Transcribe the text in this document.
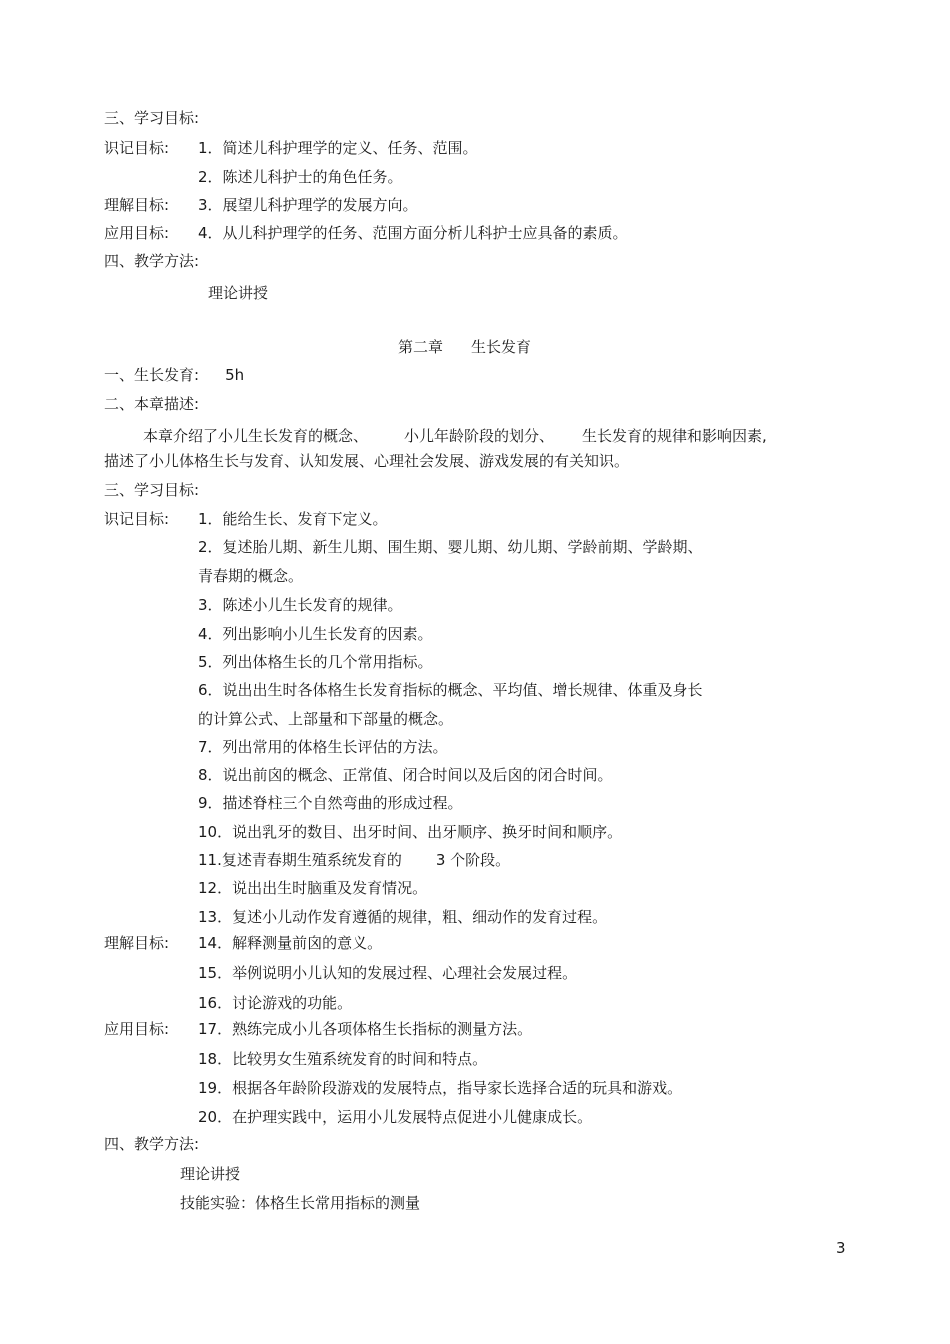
三、学习目标:
识记目标: 1．简述儿科护理学的定义、任务、范围。
2．陈述儿科护士的角色任务。
理解目标: 3．展望儿科护理学的发展方向。
应用目标: 4．从儿科护理学的任务、范围方面分析儿科护士应具备的素质。
四、教学方法:
理论讲授
第二章 生长发育
一、生长发育: 5h
二、本章描述:
本章介绍了小儿生长发育的概念、 小儿年龄阶段的划分、 生长发育的规律和影响因素,
描述了小儿体格生长与发育、认知发展、心理社会发展、游戏发展的有关知识。
三、学习目标:
识记目标:
理解目标:
应用目标:
1．能给生长、发育下定义。
2．复述胎儿期、新生儿期、围生期、婴儿期、幼儿期、学龄前期、学龄期、
青春期的概念。
3．陈述小儿生长发育的规律。
4．列出影响小儿生长发育的因素。
5．列出体格生长的几个常用指标。
6．说出出生时各体格生长发育指标的概念、平均值、增长规律、体重及身长
的计算公式、上部量和下部量的概念。
7．列出常用的体格生长评估的方法。
8．说出前囟的概念、正常值、闭合时间以及后囟的闭合时间。
9．描述脊柱三个自然弯曲的形成过程。
10．说出乳牙的数目、出牙时间、出牙顺序、换牙时间和顺序。
11.复述青春期生殖系统发育的 3 个阶段。
12．说出出生时脑重及发育情况。
13．复述小儿动作发育遵循的规律，粗、细动作的发育过程。
14．解释测量前囟的意义。
15．举例说明小儿认知的发展过程、心理社会发展过程。
16．讨论游戏的功能。
17．熟练完成小儿各项体格生长指标的测量方法。
18．比较男女生殖系统发育的时间和特点。
19．根据各年龄阶段游戏的发展特点，指导家长选择合适的玩具和游戏。
20．在护理实践中，运用小儿发展特点促进小儿健康成长。
四、教学方法:
理论讲授
技能实验：体格生长常用指标的测量
3
